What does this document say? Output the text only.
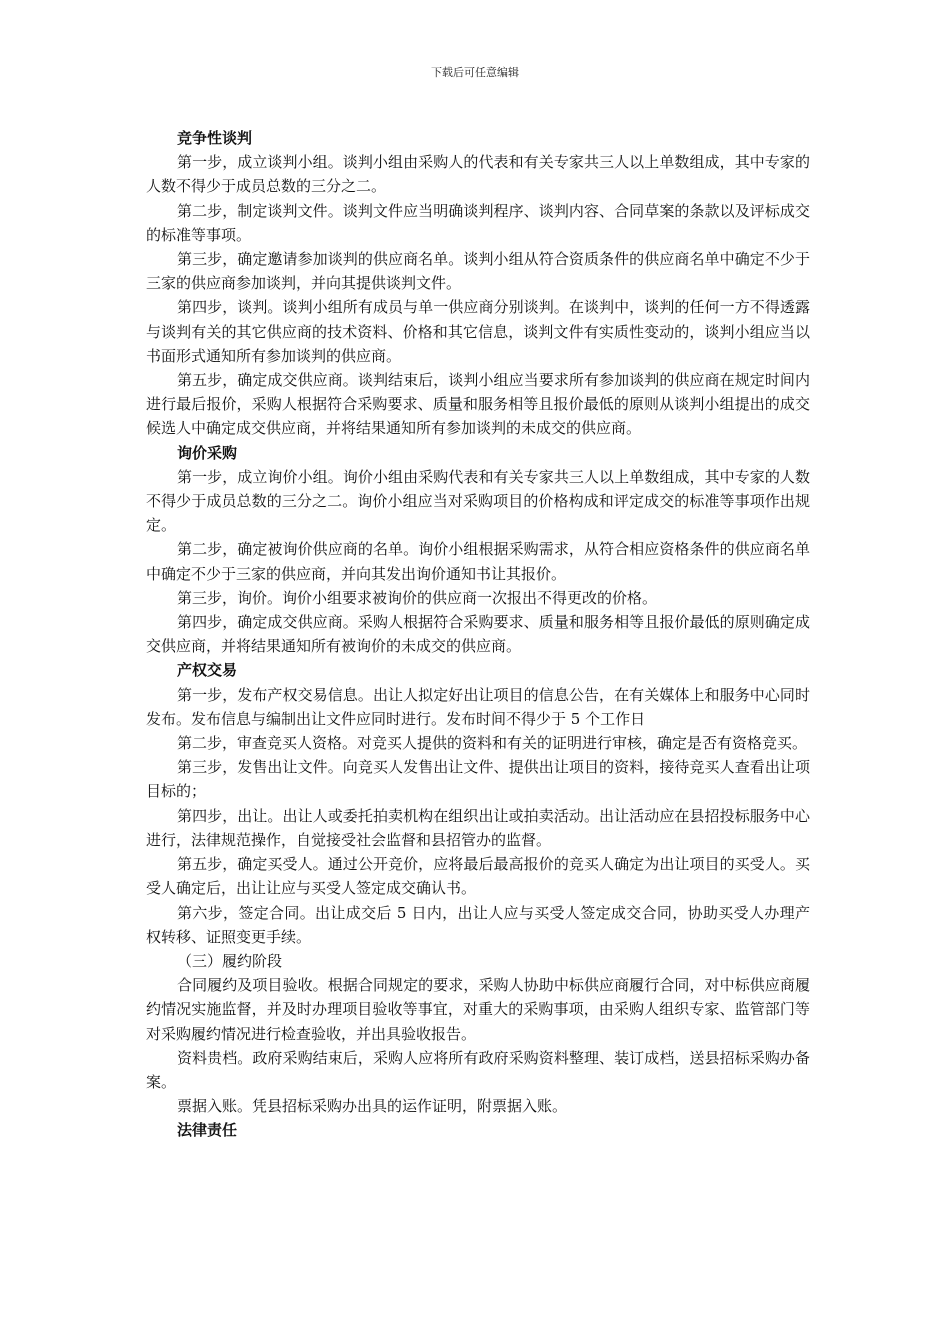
下载后可任意编辑

竞争性谈判

第一步，成立谈判小组。谈判小组由采购人的代表和有关专家共三人以上单数组成，其中专家的人数不得少于成员总数的三分之二。

第二步，制定谈判文件。谈判文件应当明确谈判程序、谈判内容、合同草案的条款以及评标成交的标准等事项。

第三步，确定邀请参加谈判的供应商名单。谈判小组从符合资质条件的供应商名单中确定不少于三家的供应商参加谈判，并向其提供谈判文件。

第四步，谈判。谈判小组所有成员与单一供应商分别谈判。在谈判中，谈判的任何一方不得透露与谈判有关的其它供应商的技术资料、价格和其它信息，谈判文件有实质性变动的，谈判小组应当以书面形式通知所有参加谈判的供应商。

第五步，确定成交供应商。谈判结束后，谈判小组应当要求所有参加谈判的供应商在规定时间内进行最后报价，采购人根据符合采购要求、质量和服务相等且报价最低的原则从谈判小组提出的成交候选人中确定成交供应商，并将结果通知所有参加谈判的未成交的供应商。

询价采购

第一步，成立询价小组。询价小组由采购代表和有关专家共三人以上单数组成，其中专家的人数不得少于成员总数的三分之二。询价小组应当对采购项目的价格构成和评定成交的标准等事项作出规定。

第二步，确定被询价供应商的名单。询价小组根据采购需求，从符合相应资格条件的供应商名单中确定不少于三家的供应商，并向其发出询价通知书让其报价。

第三步，询价。询价小组要求被询价的供应商一次报出不得更改的价格。

第四步，确定成交供应商。采购人根据符合采购要求、质量和服务相等且报价最低的原则确定成交供应商，并将结果通知所有被询价的未成交的供应商。

产权交易

第一步，发布产权交易信息。出让人拟定好出让项目的信息公告，在有关媒体上和服务中心同时发布。发布信息与编制出让文件应同时进行。发布时间不得少于 5 个工作日

第二步，审查竞买人资格。对竞买人提供的资料和有关的证明进行审核，确定是否有资格竞买。

第三步，发售出让文件。向竞买人发售出让文件、提供出让项目的资料，接待竞买人查看出让项目标的；

第四步，出让。出让人或委托拍卖机构在组织出让或拍卖活动。出让活动应在县招投标服务中心进行，法律规范操作，自觉接受社会监督和县招管办的监督。

第五步，确定买受人。通过公开竞价，应将最后最高报价的竞买人确定为出让项目的买受人。买受人确定后，出让让应与买受人签定成交确认书。

第六步，签定合同。出让成交后 5 日内，出让人应与买受人签定成交合同，协助买受人办理产权转移、证照变更手续。

（三）履约阶段

合同履约及项目验收。根据合同规定的要求，采购人协助中标供应商履行合同，对中标供应商履约情况实施监督，并及时办理项目验收等事宜，对重大的采购事项，由采购人组织专家、监管部门等对采购履约情况进行检查验收，并出具验收报告。

资料贵档。政府采购结束后，采购人应将所有政府采购资料整理、装订成档，送县招标采购办备案。

票据入账。凭县招标采购办出具的运作证明，附票据入账。

法律责任
